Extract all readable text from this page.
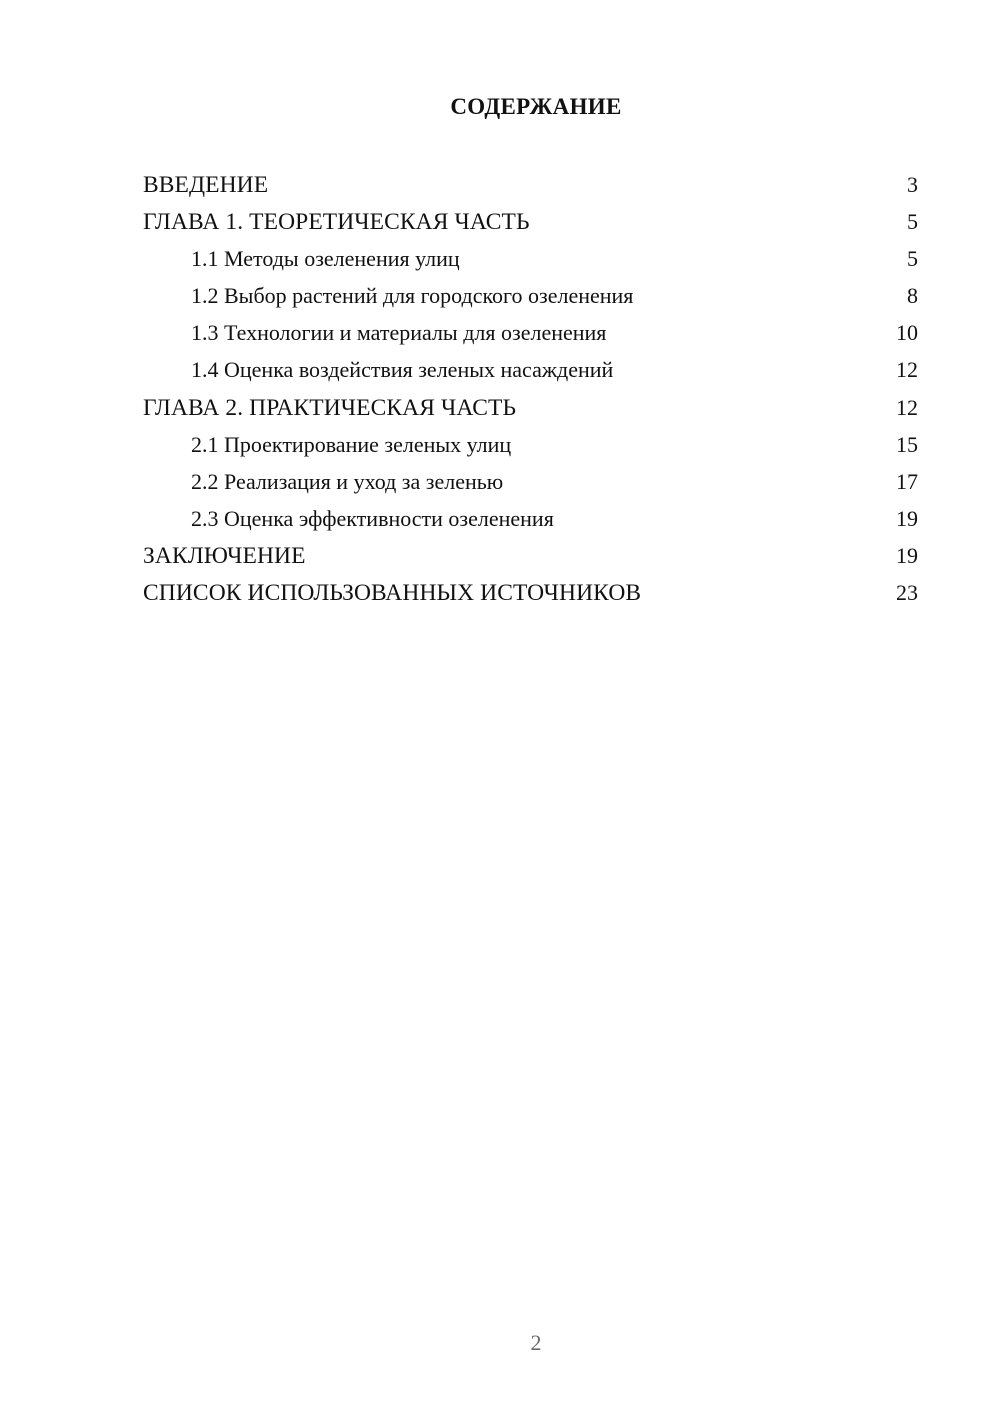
СОДЕРЖАНИЕ
ВВЕДЕНИЕ	3
ГЛАВА 1. ТЕОРЕТИЧЕСКАЯ ЧАСТЬ	5
1.1 Методы озеленения улиц	5
1.2 Выбор растений для городского озеленения	8
1.3 Технологии и материалы для озеленения	10
1.4 Оценка воздействия зеленых насаждений	12
ГЛАВА 2. ПРАКТИЧЕСКАЯ ЧАСТЬ	12
2.1 Проектирование зеленых улиц	15
2.2 Реализация и уход за зеленью	17
2.3 Оценка эффективности озеленения	19
ЗАКЛЮЧЕНИЕ	19
СПИСОК ИСПОЛЬЗОВАННЫХ ИСТОЧНИКОВ	23
2
